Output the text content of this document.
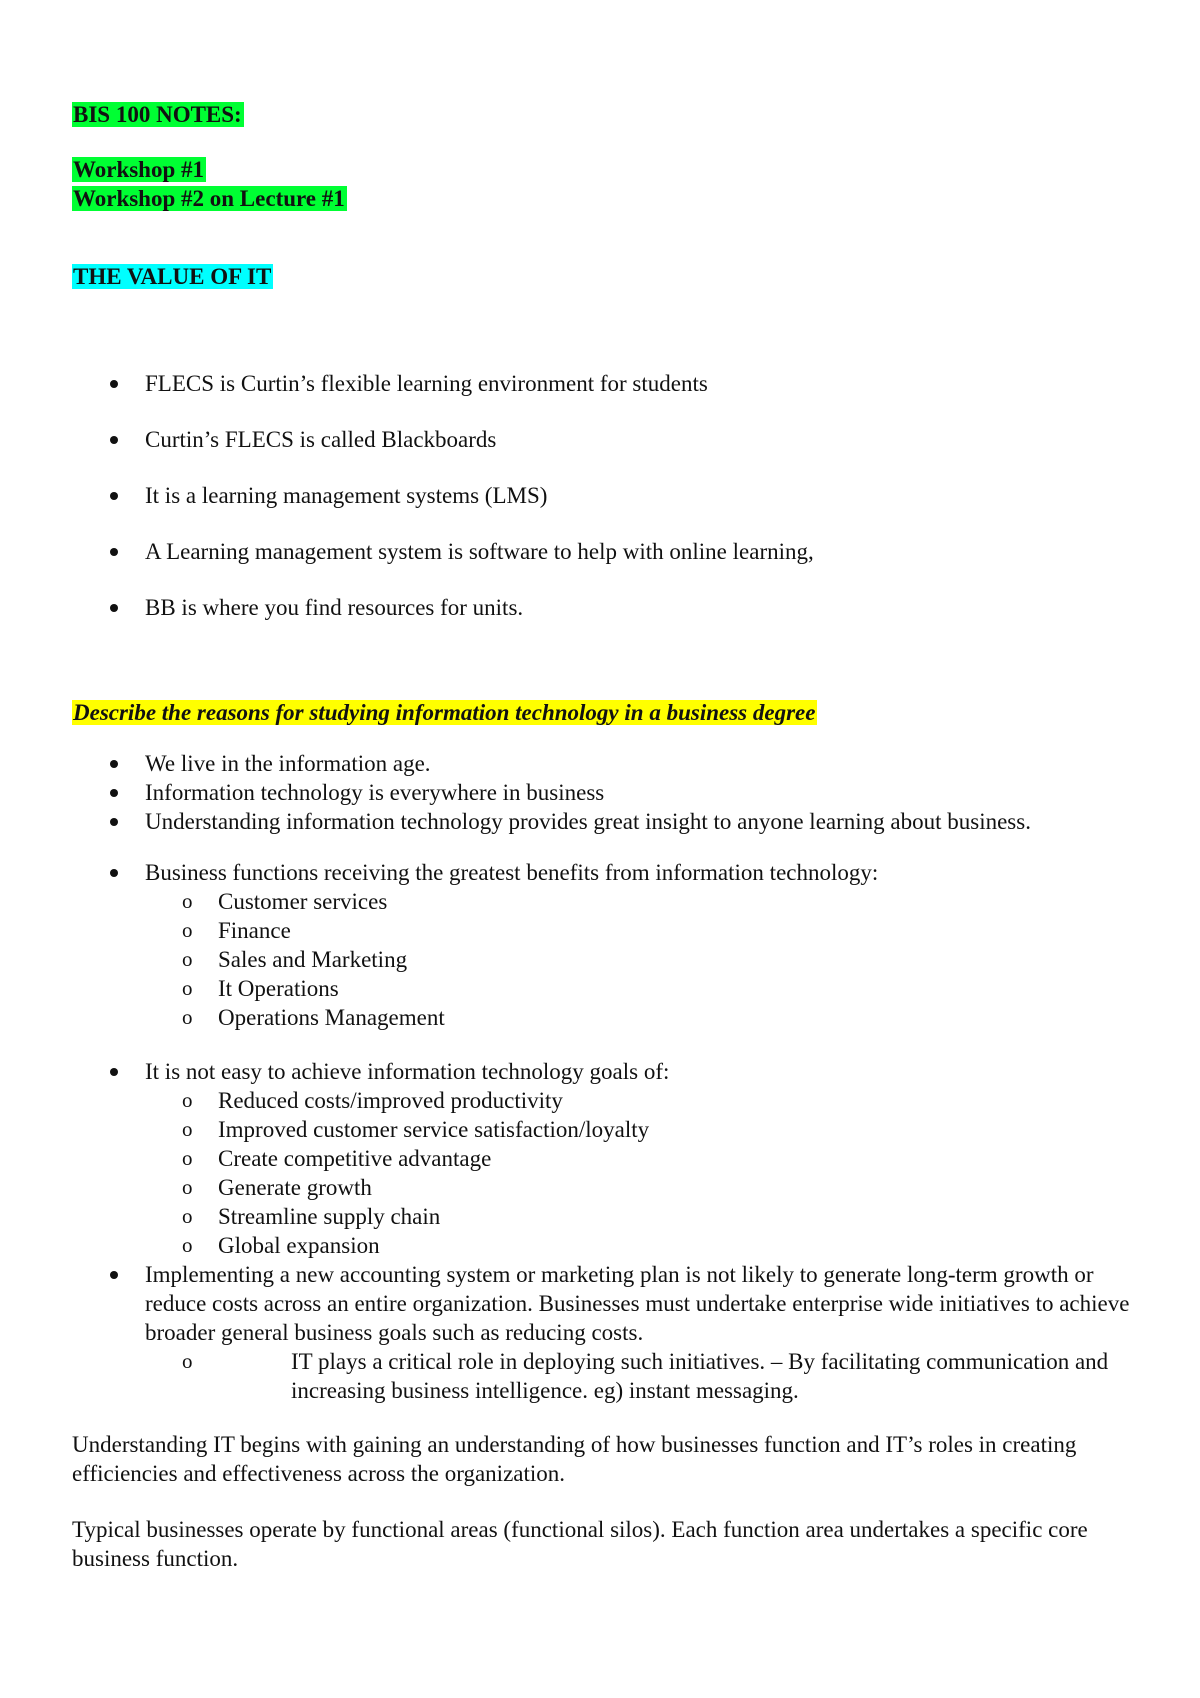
BIS 100 NOTES:
Workshop #1
Workshop #2 on Lecture #1
THE VALUE OF IT
FLECS is Curtin’s flexible learning environment for students
Curtin’s FLECS is called Blackboards
It is a learning management systems (LMS)
A Learning management system is software to help with online learning,
BB is where you find resources for units.
Describe the reasons for studying information technology in a business degree
We live in the information age.
Information technology is everywhere in business
Understanding information technology provides great insight to anyone learning about business.
Business functions receiving the greatest benefits from information technology:
o Customer services
o Finance
o Sales and Marketing
o It Operations
o Operations Management
It is not easy to achieve information technology goals of:
o Reduced costs/improved productivity
o Improved customer service satisfaction/loyalty
o Create competitive advantage
o Generate growth
o Streamline supply chain
o Global expansion
Implementing a new accounting system or marketing plan is not likely to generate long-term growth or reduce costs across an entire organization. Businesses must undertake enterprise wide initiatives to achieve broader general business goals such as reducing costs.
o IT plays a critical role in deploying such initiatives. – By facilitating communication and increasing business intelligence. eg) instant messaging.

Understanding IT begins with gaining an understanding of how businesses function and IT’s roles in creating efficiencies and effectiveness across the organization.

Typical businesses operate by functional areas (functional silos). Each function area undertakes a specific core business function.
